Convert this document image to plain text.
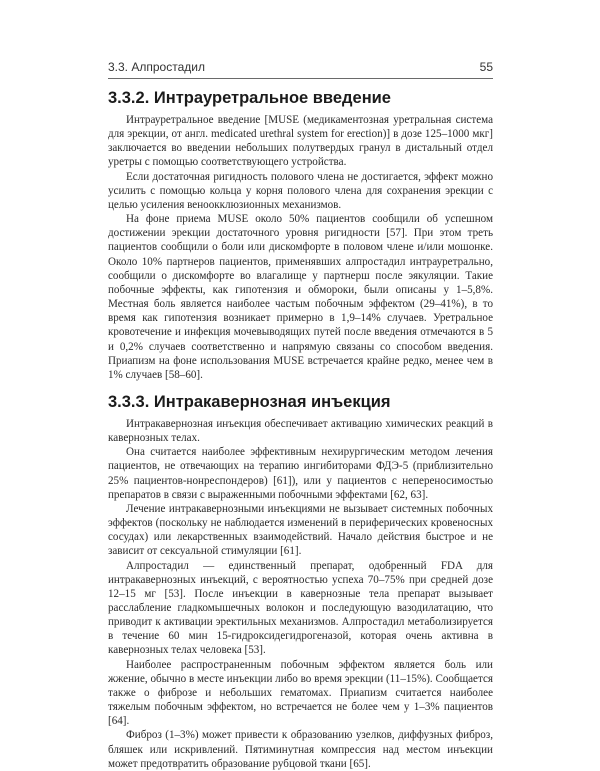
3.3. Алпростадил	55
3.3.2. Интрауретральное введение

Интрауретральное введение [MUSE (медикаментозная уретральная система для эрекции, от англ. medicated urethral system for erection)] в дозе 125–1000 мкг] заключается во введении небольших полутвердых гранул в дистальный отдел уретры с помощью соответствующего устройства.

Если достаточная ригидность полового члена не достигается, эффект можно усилить с помощью кольца у корня полового члена для сохранения эрекции с целью усиления веноокклюзионных механизмов.

На фоне приема MUSE около 50% пациентов сообщили об успешном достижении эрекции достаточного уровня ригидности [57]. При этом треть пациентов сообщили о боли или дискомфорте в половом члене и/или мошонке. Около 10% партнеров пациентов, применявших алпростадил интрауретрально, сообщили о дискомфорте во влагалище у партнерш после эякуляции. Такие побочные эффекты, как гипотензия и обмороки, были описаны у 1–5,8%. Местная боль является наиболее частым побочным эффектом (29–41%), в то время как гипотензия возникает примерно в 1,9–14% случаев. Уретральное кровотечение и инфекция мочевыводящих путей после введения отмечаются в 5 и 0,2% случаев соответственно и напрямую связаны со способом введения. Приапизм на фоне использования MUSE встречается крайне редко, менее чем в 1% случаев [58–60].

3.3.3. Интракавернозная инъекция

Интракавернозная инъекция обеспечивает активацию химических реакций в кавернозных телах.

Она считается наиболее эффективным нехирургическим методом лечения пациентов, не отвечающих на терапию ингибиторами ФДЭ-5 (приблизительно 25% пациентов-нонреспондеров) [61]), или у пациентов с непереносимостью препаратов в связи с выраженными побочными эффектами [62, 63].

Лечение интракавернозными инъекциями не вызывает системных побочных эффектов (поскольку не наблюдается изменений в периферических кровеносных сосудах) или лекарственных взаимодействий. Начало действия быстрое и не зависит от сексуальной стимуляции [61].

Алпростадил — единственный препарат, одобренный FDA для интракавернозных инъекций, с вероятностью успеха 70–75% при средней дозе 12–15 мг [53]. После инъекции в кавернозные тела препарат вызывает расслабление гладкомышечных волокон и последующую вазодилатацию, что приводит к активации эректильных механизмов. Алпростадил метаболизируется в течение 60 мин 15-гидроксидегидрогеназой, которая очень активна в кавернозных телах человека [53].

Наиболее распространенным побочным эффектом является боль или жжение, обычно в месте инъекции либо во время эрекции (11–15%). Сообщается также о фиброзе и небольших гематомах. Приапизм считается наиболее тяжелым побочным эффектом, но встречается не более чем у 1–3% пациентов [64].

Фиброз (1–3%) может привести к образованию узелков, диффузных фиброз, бляшек или искривлений. Пятиминутная компрессия над местом инъекции может предотвратить образование рубцовой ткани [65].
